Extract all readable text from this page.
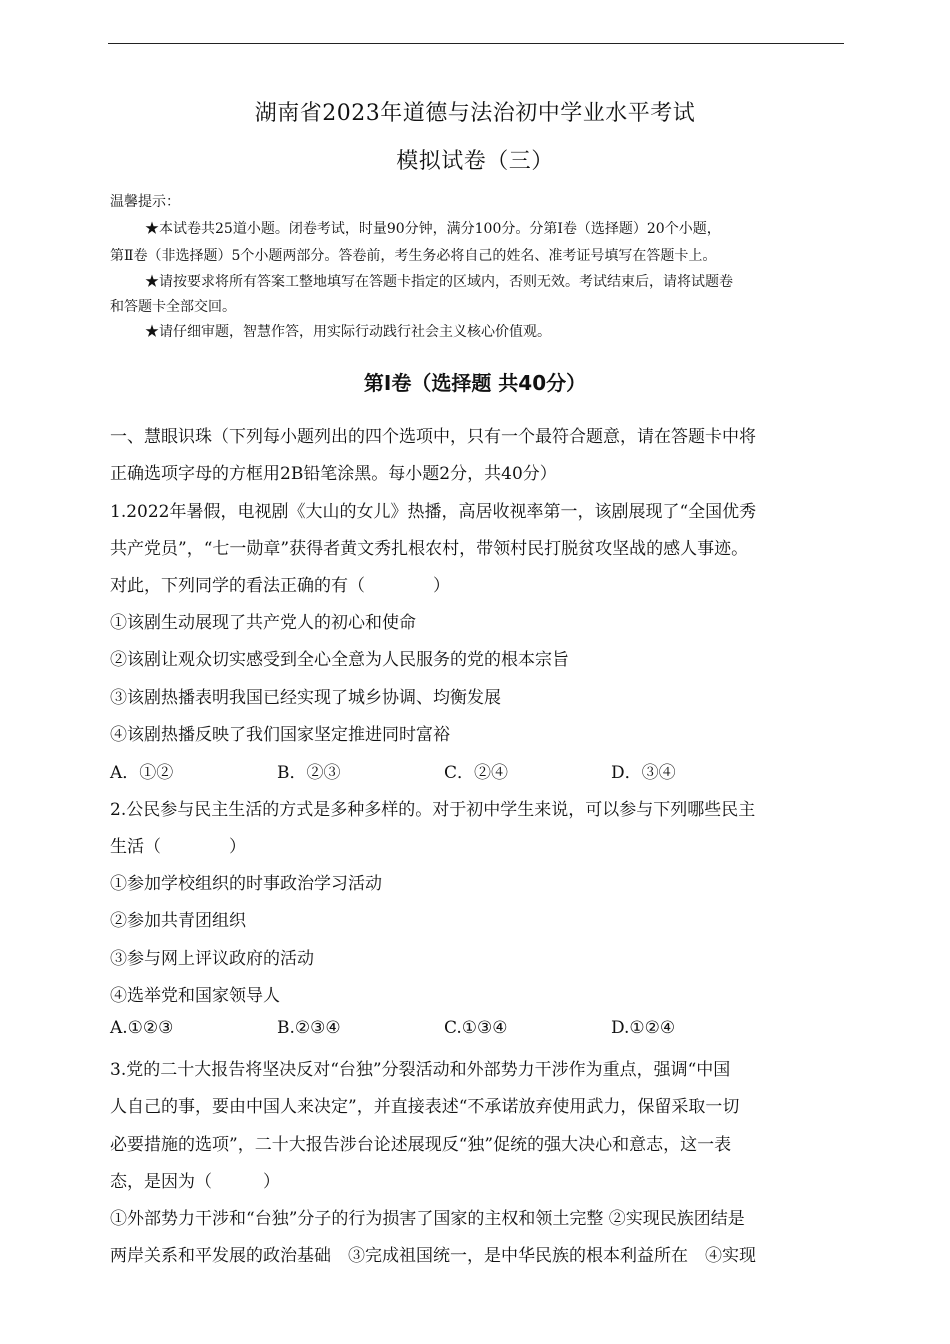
湖南省2023年道德与法治初中学业水平考试
模拟试卷（三）
温馨提示：
★本试卷共25道小题。闭卷考试，时量90分钟，满分100分。分第Ⅰ卷（选择题）20个小题，
第Ⅱ卷（非选择题）5个小题两部分。答卷前，考生务必将自己的姓名、准考证号填写在答题卡上。
★请按要求将所有答案工整地填写在答题卡指定的区域内，否则无效。考试结束后，请将试题卷
和答题卡全部交回。
★请仔细审题，智慧作答，用实际行动践行社会主义核心价值观。
第Ⅰ卷（选择题 共40分）
一、慧眼识珠（下列每小题列出的四个选项中，只有一个最符合题意，请在答题卡中将
正确选项字母的方框用2B铅笔涂黑。每小题2分，共40分）
1.2022年暑假，电视剧《大山的女儿》热播，高居收视率第一，该剧展现了“全国优秀
共产党员”，“七一勋章”获得者黄文秀扎根农村，带领村民打脱贫攻坚战的感人事迹。
对此，下列同学的看法正确的有（　　　　）
①该剧生动展现了共产党人的初心和使命
②该剧让观众切实感受到全心全意为人民服务的党的根本宗旨
③该剧热播表明我国已经实现了城乡协调、均衡发展
④该剧热播反映了我们国家坚定推进同时富裕
A．①②	B．②③	C．②④	D．③④
2.公民参与民主生活的方式是多种多样的。对于初中学生来说，可以参与下列哪些民主
生活（　　　　）
①参加学校组织的时事政治学习活动
②参加共青团组织
③参与网上评议政府的活动
④选举党和国家领导人
A.①②③	B.②③④	C.①③④	D.①②④
3.党的二十大报告将坚决反对“台独”分裂活动和外部势力干涉作为重点，强调“中国
人自己的事，要由中国人来决定”，并直接表述“不承诺放弃使用武力，保留采取一切
必要措施的选项”，二十大报告涉台论述展现反“独”促统的强大决心和意志，这一表
态，是因为（　　　）
①外部势力干涉和“台独”分子的行为损害了国家的主权和领土完整 ②实现民族团结是
两岸关系和平发展的政治基础　③完成祖国统一，是中华民族的根本利益所在　④实现
